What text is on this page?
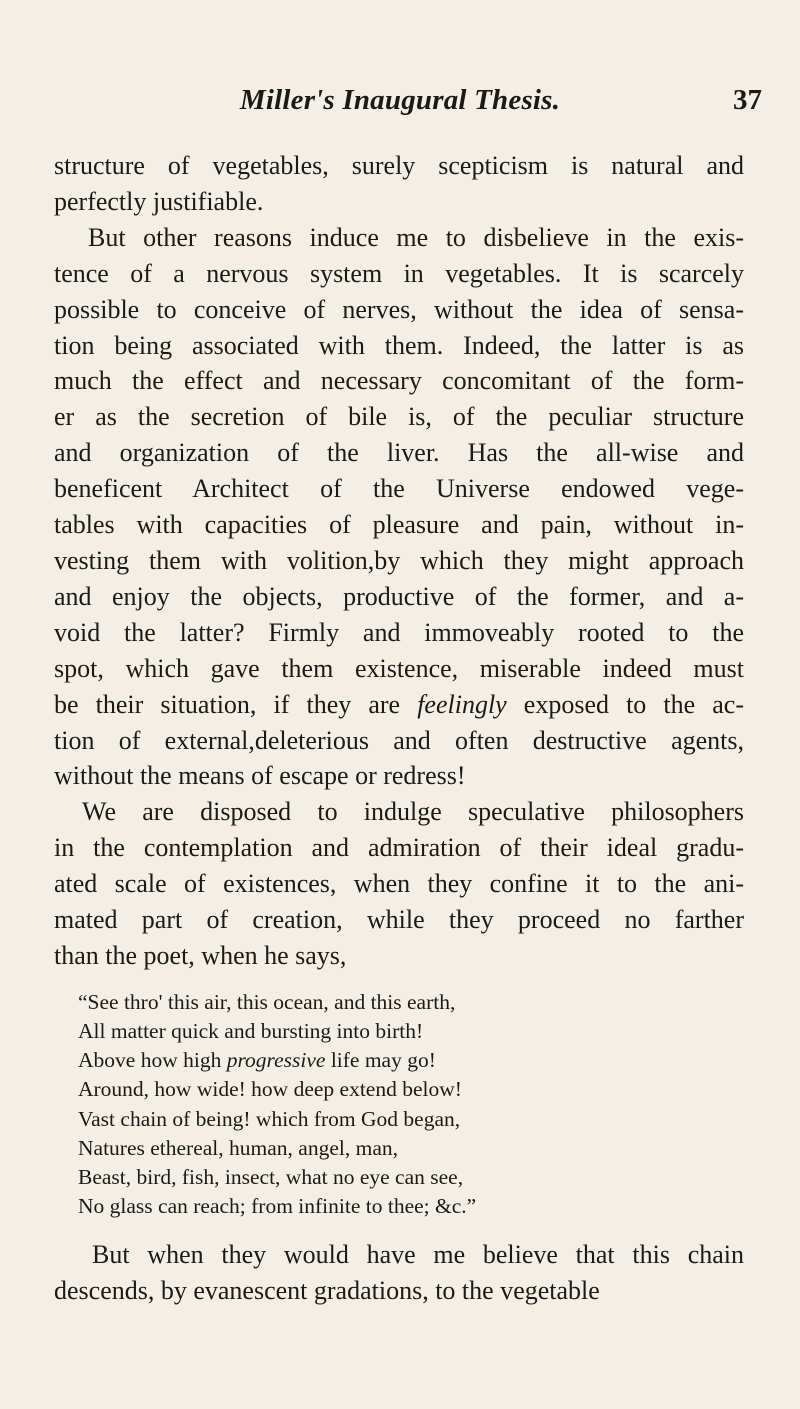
Miller's Inaugural Thesis.	37

structure of vegetables, surely scepticism is natural and
perfectly justifiable.

But other reasons induce me to disbelieve in the exis-
tence of a nervous system in vegetables. It is scarcely
possible to conceive of nerves, without the idea of sensa-
tion being associated with them. Indeed, the latter is as
much the effect and necessary concomitant of the form-
er as the secretion of bile is, of the peculiar structure
and organization of the liver. Has the all-wise and
beneficent Architect of the Universe endowed vege-
tables with capacities of pleasure and pain, without in-
vesting them with volition,by which they might approach
and enjoy the objects, productive of the former, and a-
void the latter? Firmly and immoveably rooted to the
spot, which gave them existence, miserable indeed must
be their situation, if they are feelingly exposed to the ac-
tion of external,deleterious and often destructive agents,
without the means of escape or redress!

We are disposed to indulge speculative philosophers
in the contemplation and admiration of their ideal gradu-
ated scale of existences, when they confine it to the ani-
mated part of creation, while they proceed no farther
than the poet, when he says,

“See thro' this air, this ocean, and this earth,
All matter quick and bursting into birth!
Above how high progressive life may go!
Around, how wide! how deep extend below!
Vast chain of being! which from God began,
Natures ethereal, human, angel, man,
Beast, bird, fish, insect, what no eye can see,
No glass can reach; from infinite to thee; &c.”

But when they would have me believe that this chain
descends, by evanescent gradations, to the vegetable
